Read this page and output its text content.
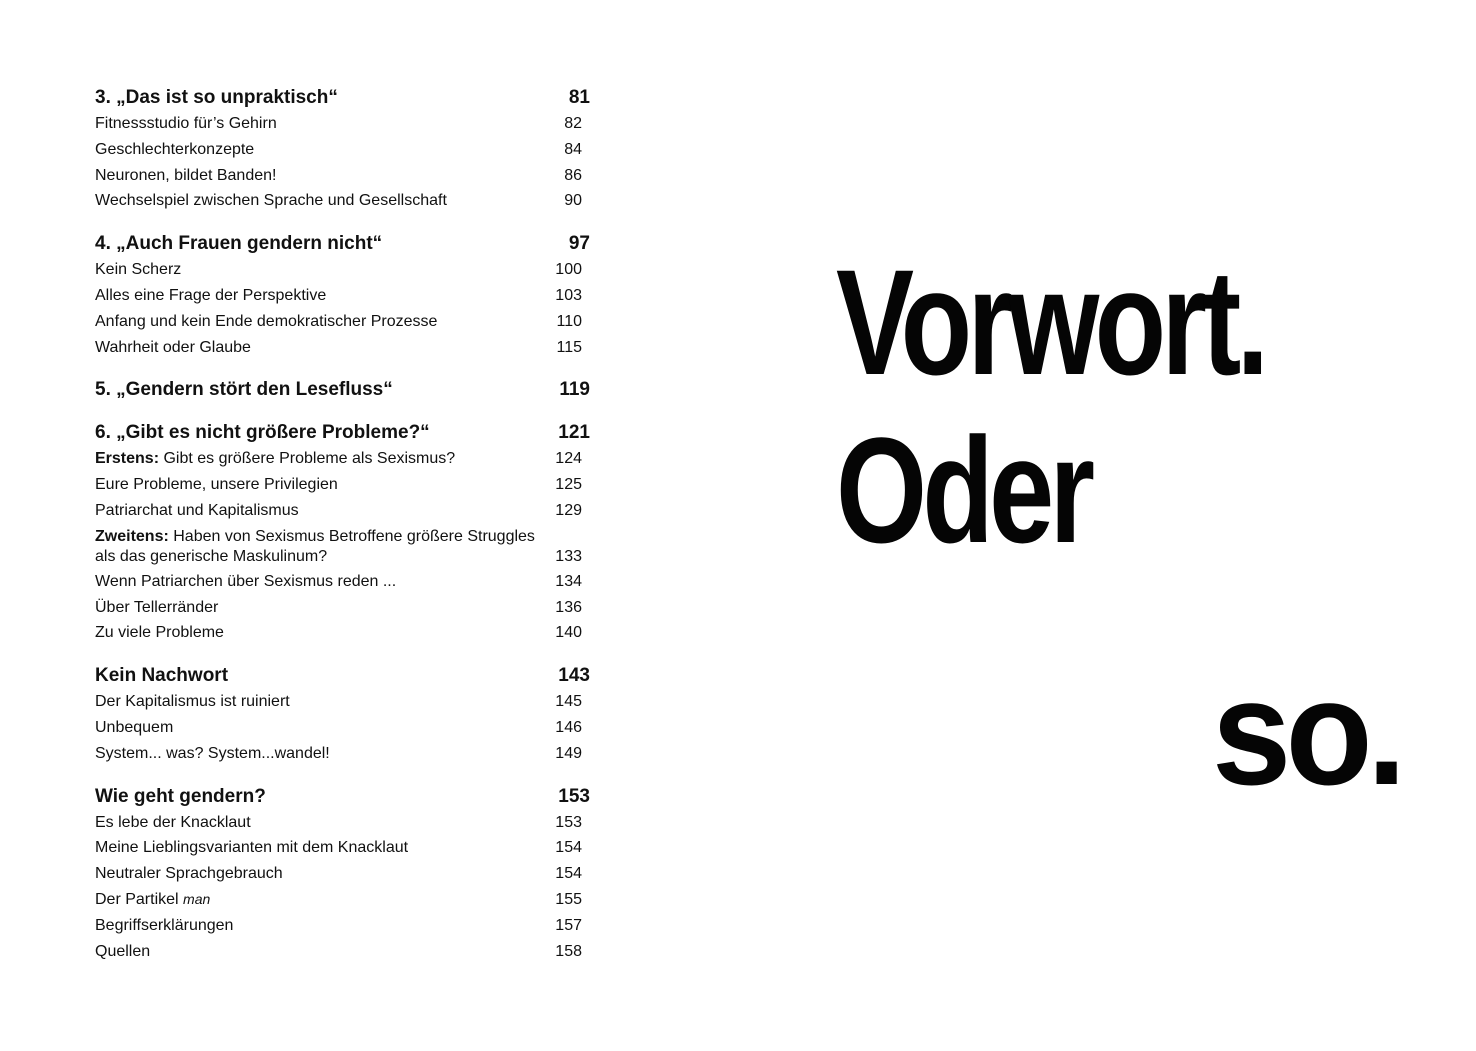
3. „Das ist so unpraktisch“	81
Fitnessstudio für’s Gehirn	82
Geschlechterkonzepte	84
Neuronen, bildet Banden!	86
Wechselspiel zwischen Sprache und Gesellschaft	90
4. „Auch Frauen gendern nicht“	97
Kein Scherz	100
Alles eine Frage der Perspektive	103
Anfang und kein Ende demokratischer Prozesse	110
Wahrheit oder Glaube	115
5. „Gendern stört den Lesefluss“	119
6. „Gibt es nicht größere Probleme?“	121
Erstens: Gibt es größere Probleme als Sexismus?	124
Eure Probleme, unsere Privilegien	125
Patriarchat und Kapitalismus	129
Zweitens: Haben von Sexismus Betroffene größere Struggles
als das generische Maskulinum?	133
Wenn Patriarchen über Sexismus reden ...	134
Über Tellerränder	136
Zu viele Probleme	140
Kein Nachwort	143
Der Kapitalismus ist ruiniert	145
Unbequem	146
System... was? System...wandel!	149
Wie geht gendern?	153
Es lebe der Knacklaut	153
Meine Lieblingsvarianten mit dem Knacklaut	154
Neutraler Sprachgebrauch	154
Der Partikel man	155
Begriffserklärungen	157
Quellen	158
Vorwort.
Oder
so.
